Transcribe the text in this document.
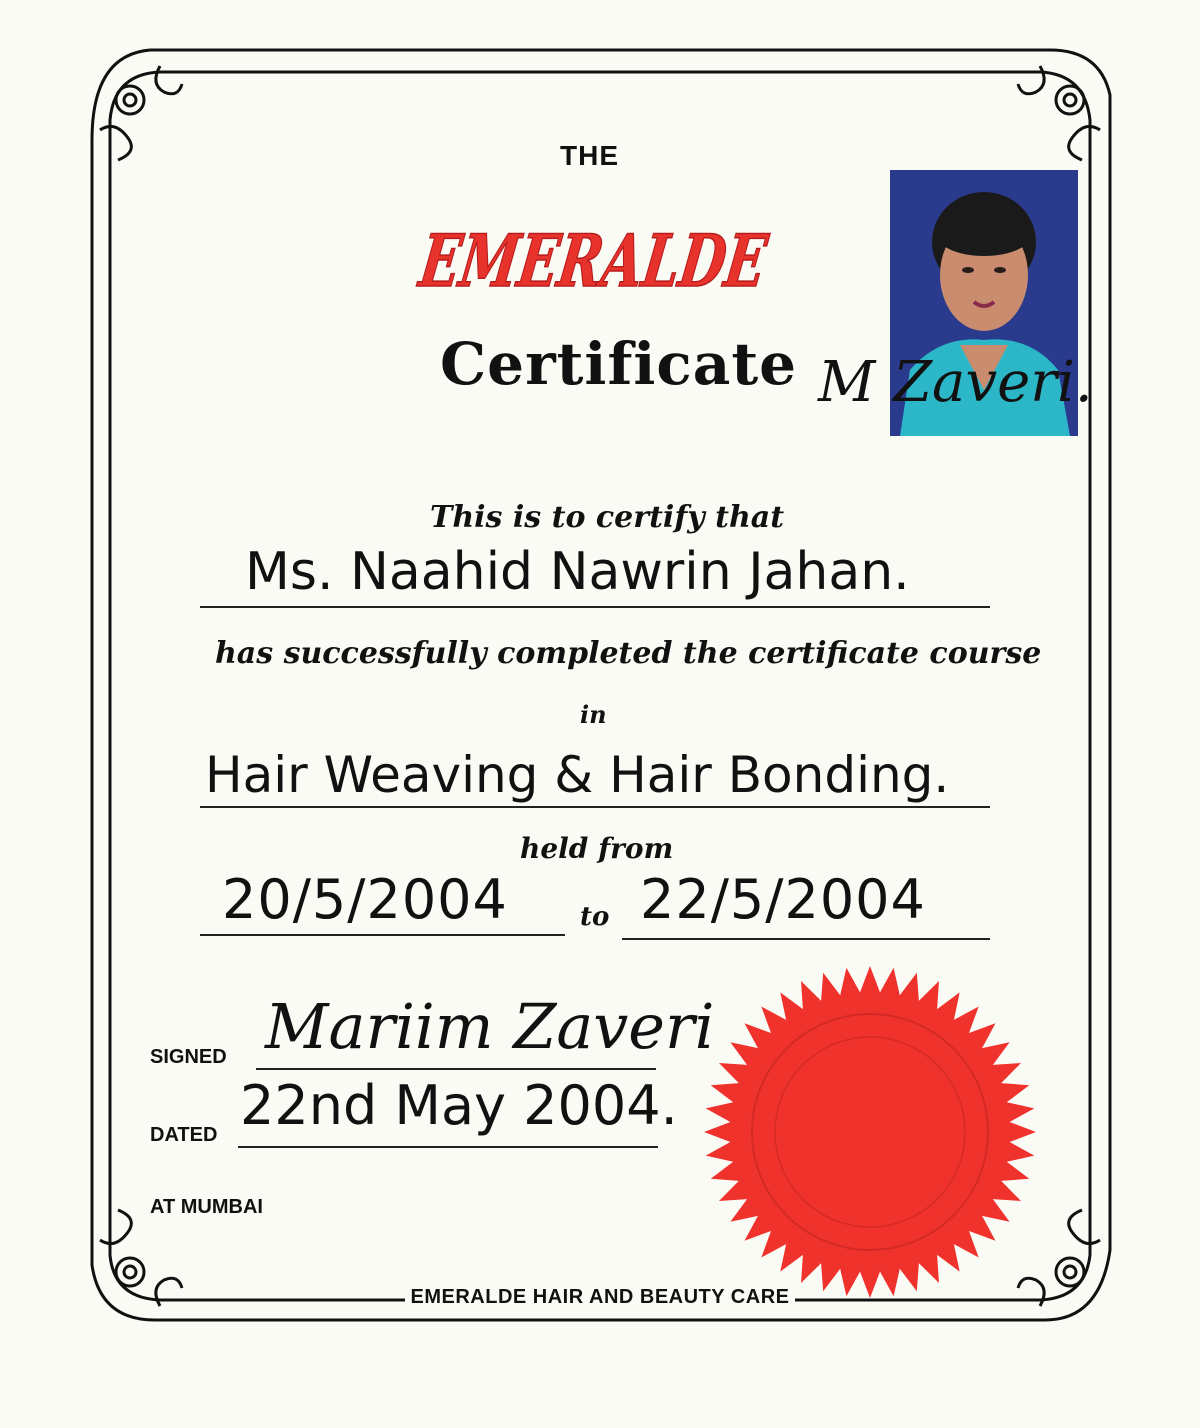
THE
EMERALDE
Certificate M Zaveri.
This is to certify that
Ms. Naahid Nawrin Jahan.
has successfully completed the certificate course
in
Hair Weaving & Hair Bonding.
held from
20/5/2004	to 22/5/2004
SIGNED Mariim Zaveri
DATED 22nd May 2004.
AT MUMBAI
EMERALDE HAIR AND BEAUTY CARE
